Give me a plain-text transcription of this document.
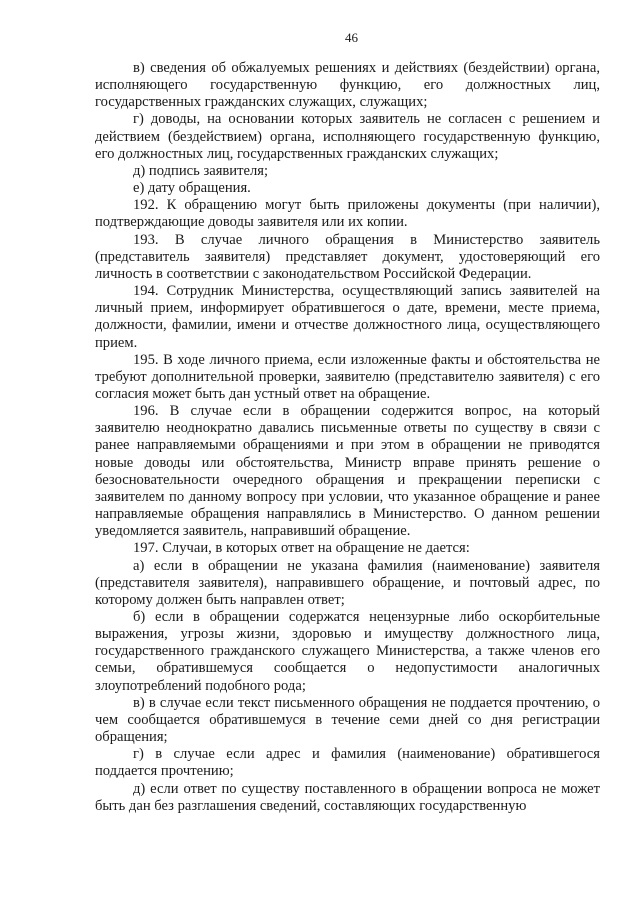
46

в) сведения об обжалуемых решениях и действиях (бездействии) органа, исполняющего государственную функцию, его должностных лиц, государственных гражданских служащих, служащих;

г) доводы, на основании которых заявитель не согласен с решением и действием (бездействием) органа, исполняющего государственную функцию, его должностных лиц, государственных гражданских служащих;

д) подпись заявителя;

е) дату обращения.

192. К обращению могут быть приложены документы (при наличии), подтверждающие доводы заявителя или их копии.

193. В случае личного обращения в Министерство заявитель (представитель заявителя) представляет документ, удостоверяющий его личность в соответствии с законодательством Российской Федерации.

194. Сотрудник Министерства, осуществляющий запись заявителей на личный прием, информирует обратившегося о дате, времени, месте приема, должности, фамилии, имени и отчестве должностного лица, осуществляющего прием.

195. В ходе личного приема, если изложенные факты и обстоятельства не требуют дополнительной проверки, заявителю (представителю заявителя) с его согласия может быть дан устный ответ на обращение.

196. В случае если в обращении содержится вопрос, на который заявителю неоднократно давались письменные ответы по существу в связи с ранее направляемыми обращениями и при этом в обращении не приводятся новые доводы или обстоятельства, Министр вправе принять решение о безосновательности очередного обращения и прекращении переписки с заявителем по данному вопросу при условии, что указанное обращение и ранее направляемые обращения направлялись в Министерство. О данном решении уведомляется заявитель, направивший обращение.

197. Случаи, в которых ответ на обращение не дается:

а) если в обращении не указана фамилия (наименование) заявителя (представителя заявителя), направившего обращение, и почтовый адрес, по которому должен быть направлен ответ;

б) если в обращении содержатся нецензурные либо оскорбительные выражения, угрозы жизни, здоровью и имуществу должностного лица, государственного гражданского служащего Министерства, а также членов его семьи, обратившемуся сообщается о недопустимости аналогичных злоупотреблений подобного рода;

в) в случае если текст письменного обращения не поддается прочтению, о чем сообщается обратившемуся в течение семи дней со дня регистрации обращения;

г) в случае если адрес и фамилия (наименование) обратившегося поддается прочтению;

д) если ответ по существу поставленного в обращении вопроса не может быть дан без разглашения сведений, составляющих государственную
